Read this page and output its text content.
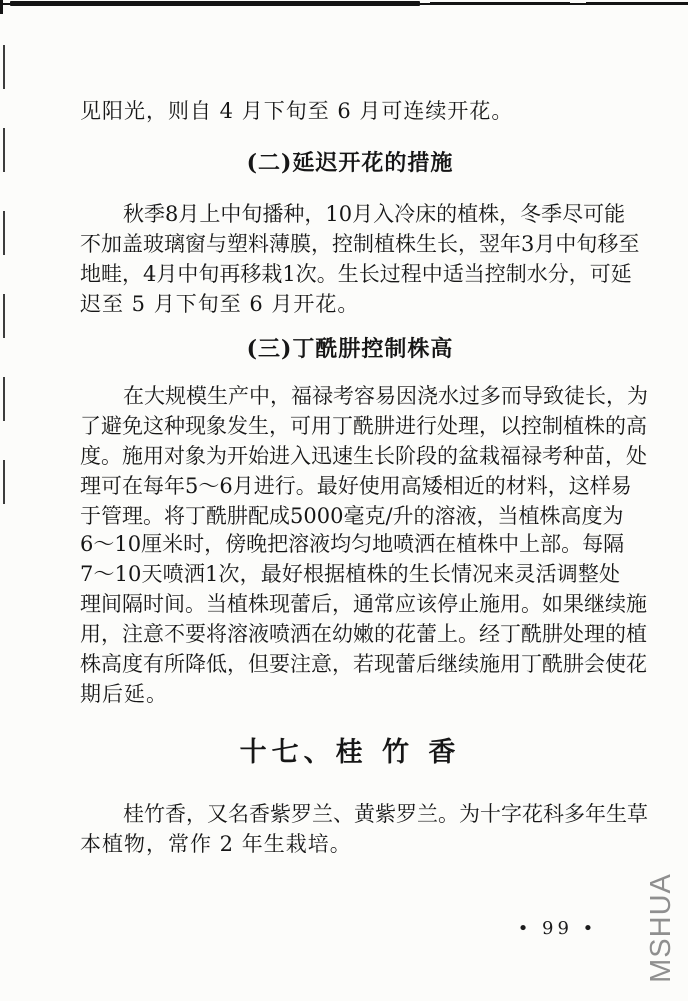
见阳光，则自 4 月下旬至 6 月可连续开花。
(二)延迟开花的措施
秋 季 8 月 上 中 旬 播 种 ， 10 月 入 冷 床 的 植 株 ， 冬 季 尽 可 能
不 加 盖 玻 璃 窗 与 塑 料 薄 膜 ， 控 制 植 株 生 长 ， 翌 年 3 月 中 旬 移 至
地 畦 ， 4 月 中 旬 再 移 栽 1 次 。 生 长 过 程 中 适 当 控 制 水 分 ， 可 延
迟至 5 月下旬至 6 月开花。
(三)丁酰肼控制株高
在 大 规 模 生 产 中 ， 福 禄 考 容 易 因 浇 水 过 多 而 导 致 徒 长 ， 为
了 避 免 这 种 现 象 发 生 ， 可 用 丁 酰 肼 进 行 处 理 ， 以 控 制 植 株 的 高
度 。 施 用 对 象 为 开 始 进 入 迅 速 生 长 阶 段 的 盆 栽 福 禄 考 种 苗 ， 处
理 可 在 每 年 5 ～ 6 月 进 行 。 最 好 使 用 高 矮 相 近 的 材 料 ， 这 样 易
于 管 理 。 将 丁 酰 肼 配 成 5 000 毫 克 / 升 的 溶 液 ， 当 植 株 高 度 为
6 ～ 10 厘 米 时 ， 傍 晚 把 溶 液 均 匀 地 喷 洒 在 植 株 中 上 部 。 每 隔
7 ～ 10 天 喷 洒 1 次 ， 最 好 根 据 植 株 的 生 长 情 况 来 灵 活 调 整 处
理 间 隔 时 间 。 当 植 株 现 蕾 后 ， 通 常 应 该 停 止 施 用 。 如 果 继 续 施
用 ， 注 意 不 要 将 溶 液 喷 洒 在 幼 嫩 的 花 蕾 上 。 经 丁 酰 肼 处 理 的 植
株 高 度 有 所 降 低 ， 但 要 注 意 ， 若 现 蕾 后 继 续 施 用 丁 酰 肼 会 使 花
期后延。
十七、桂 竹 香
桂 竹 香 ， 又 名 香 紫 罗 兰 、 黄 紫 罗 兰 。 为 十 字 花 科 多 年 生 草
本植物，常作 2 年生栽培。
• 99 •	MSHUA
